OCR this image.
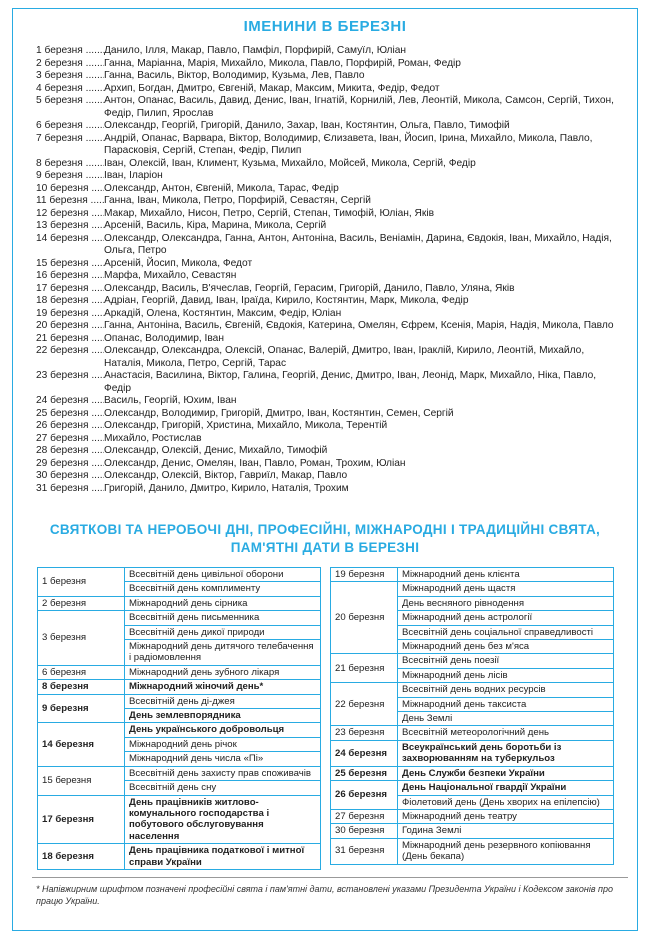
ІМЕНИНИ В БЕРЕЗНІ
1 березня .....	Данило, Ілля, Макар, Павло, Памфіл, Порфирій, Самуїл, Юліан
2 березня .....	Ганна, Маріанна, Марія, Михайло, Микола, Павло, Порфирій, Роман, Федір
3 березня .....	Ганна, Василь, Віктор, Володимир, Кузьма, Лев, Павло
4 березня .....	Архип, Богдан, Дмитро, Євгеній, Макар, Максим, Микита, Федір, Федот
5 березня .....	Антон, Опанас, Василь, Давид, Денис, Іван, Ігнатій, Корнилій, Лев, Леонтій, Микола, Самсон, Сергій, Тихон, Федір, Пилип, Ярослав
6 березня .....	Олександр, Георгій, Григорій, Данило, Захар, Іван, Костянтин, Ольга, Павло, Тимофій
7 березня .....	Андрій, Опанас, Варвара, Віктор, Володимир, Єлизавета, Іван, Йосип, Ірина, Михайло, Микола, Павло, Парасковія, Сергій, Степан, Федір, Пилип
8 березня .....	Іван, Олексій, Іван, Климент, Кузьма, Михайло, Мойсей, Микола, Сергій, Федір
9 березня .....	Іван, Іларіон
10 березня .....	Олександр, Антон, Євгеній, Микола, Тарас, Федір
11 березня .....	Ганна, Іван, Микола, Петро, Порфирій, Севастян, Сергій
12 березня .....	Макар, Михайло, Нисон, Петро, Сергій, Степан, Тимофій, Юліан, Яків
13 березня .....	Арсеній, Василь, Кіра, Марина, Микола, Сергій
14 березня .....	Олександр, Олександра, Ганна, Антон, Антоніна, Василь, Веніамін, Дарина, Євдокія, Іван, Михайло, Надія, Ольга, Петро
15 березня .....	Арсеній, Йосип, Микола, Федот
16 березня .....	Марфа, Михайло, Севастян
17 березня .....	Олександр, Василь, В'ячеслав, Георгій, Герасим, Григорій, Данило, Павло, Уляна, Яків
18 березня .....	Адріан, Георгій, Давид, Іван, Іраїда, Кирило, Костянтин, Марк, Микола, Федір
19 березня .....	Аркадій, Олена, Костянтин, Максим, Федір, Юліан
20 березня .....	Ганна, Антоніна, Василь, Євгеній, Євдокія, Катерина, Омелян, Єфрем, Ксенія, Марія, Надія, Микола, Павло
21 березня .....	Опанас, Володимир, Іван
22 березня .....	Олександр, Олександра, Олексій, Опанас, Валерій, Дмитро, Іван, Іраклій, Кирило, Леонтій, Михайло, Наталія, Микола, Петро, Сергій, Тарас
23 березня .....	Анастасія, Василина, Віктор, Галина, Георгій, Денис, Дмитро, Іван, Леонід, Марк, Михайло, Ніка, Павло, Федір
24 березня .....	Василь, Георгій, Юхим, Іван
25 березня .....	Олександр, Володимир, Григорій, Дмитро, Іван, Костянтин, Семен, Сергій
26 березня .....	Олександр, Григорій, Христина, Михайло, Микола, Терентій
27 березня .....	Михайло, Ростислав
28 березня .....	Олександр, Олексій, Денис, Михайло, Тимофій
29 березня .....	Олександр, Денис, Омелян, Іван, Павло, Роман, Трохим, Юліан
30 березня .....	Олександр, Олексій, Віктор, Гавриїл, Макар, Павло
31 березня .....	Григорій, Данило, Дмитро, Кирило, Наталія, Трохим
СВЯТКОВІ ТА НЕРОБОЧІ ДНІ, ПРОФЕСІЙНІ, МІЖНАРОДНІ І ТРАДИЦІЙНІ СВЯТА,
ПАМ'ЯТНІ ДАТИ В БЕРЕЗНІ
1 березня	Всесвітній день цивільної оборони
	Всесвітній день комплименту
2 березня	Міжнародний день сірника
3 березня	Всесвітній день письменника
	Всесвітній день дикої природи
	Міжнародний день дитячого телебачення і радіомовлення
6 березня	Міжнародний день зубного лікаря
8 березня	Міжнародний жіночий день*
9 березня	Всесвітній день ді-джея
	День землевпорядника
14 березня	День українського добровольця
	Міжнародний день річок
	Міжнародний день числа «Пі»
15 березня	Всесвітній день захисту прав споживачів
	Всесвітній день сну
17 березня	День працівників житлово-комунального господарства і побутового обслуговування населення
18 березня	День працівника податкової і митної справи України
19 березня	Міжнародний день клієнта
20 березня	Міжнародний день щастя
	День весняного рівнодення
	Міжнародний день астрології
	Всесвітній день соціальної справедливості
	Міжнародний день без м'яса
21 березня	Всесвітній день поезії
	Міжнародний день лісів
22 березня	Всесвітній день водних ресурсів
	Міжнародний день таксиста
	День Землі
23 березня	Всесвітній метеорологічний день
24 березня	Всеукраїнський день боротьби із захворюванням на туберкульоз
25 березня	День Служби безпеки України
26 березня	День Національної гвардії України
	Фіолетовий день (День хворих на епілепсію)
27 березня	Міжнародний день театру
30 березня	Година Землі
31 березня	Міжнародний день резервного копіювання (День бекапа)
* Напівжирним шрифтом позначені професійні свята і пам'ятні дати, встановлені указами Президента України і Кодексом законів про працю України.
